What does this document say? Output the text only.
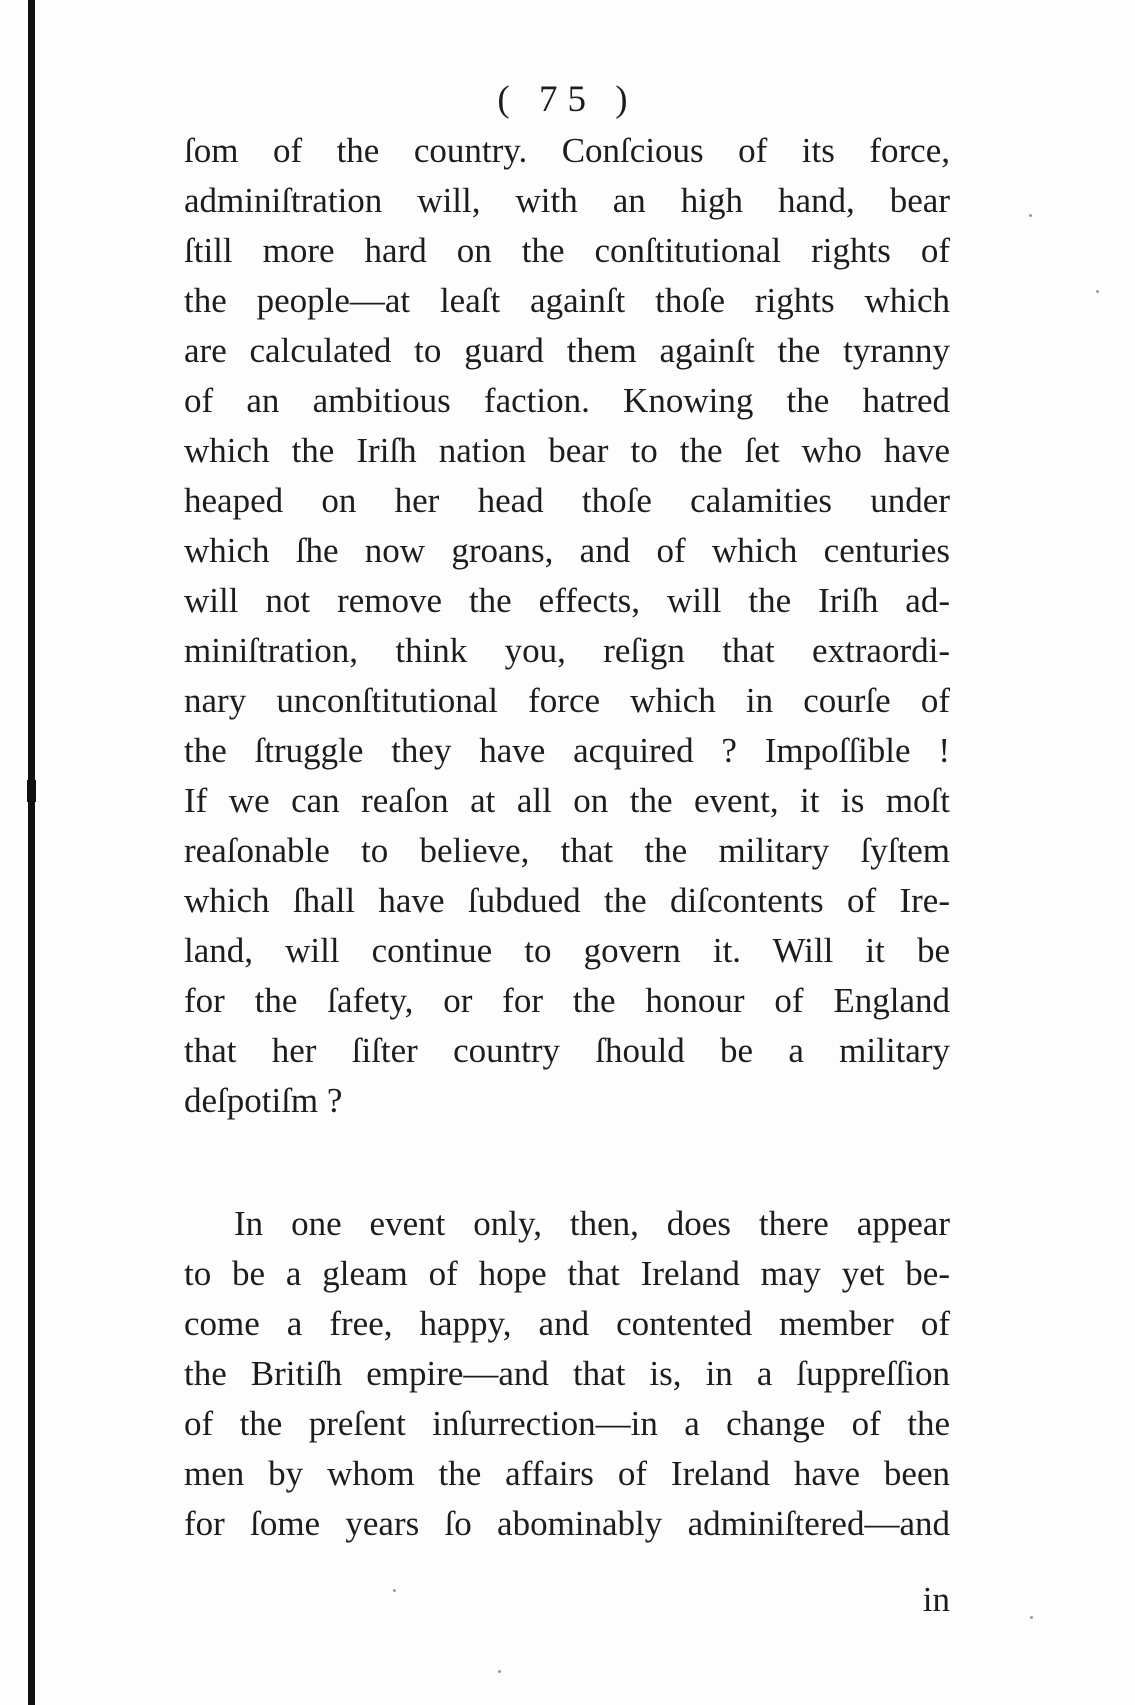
( 75 )
ſom of the country. Conſcious of its force,
adminiſtration will, with an high hand, bear
ſtill more hard on the conſtitutional rights of
the people—at leaſt againſt thoſe rights which
are calculated to guard them againſt the tyranny
of an ambitious faction. Knowing the hatred
which the Iriſh nation bear to the ſet who have
heaped on her head thoſe calamities under
which ſhe now groans, and of which centuries
will not remove the effects, will the Iriſh ad-
miniſtration, think you, reſign that extraordi-
nary unconſtitutional force which in courſe of
the ſtruggle they have acquired ? Impoſſible !
If we can reaſon at all on the event, it is moſt
reaſonable to believe, that the military ſyſtem
which ſhall have ſubdued the diſcontents of Ire-
land, will continue to govern it. Will it be
for the ſafety, or for the honour of England
that her ſiſter country ſhould be a military
deſpotiſm ?
In one event only, then, does there appear
to be a gleam of hope that Ireland may yet be-
come a free, happy, and contented member of
the Britiſh empire—and that is, in a ſuppreſſion
of the preſent inſurrection—in a change of the
men by whom the affairs of Ireland have been
for ſome years ſo abominably adminiſtered—and
in
